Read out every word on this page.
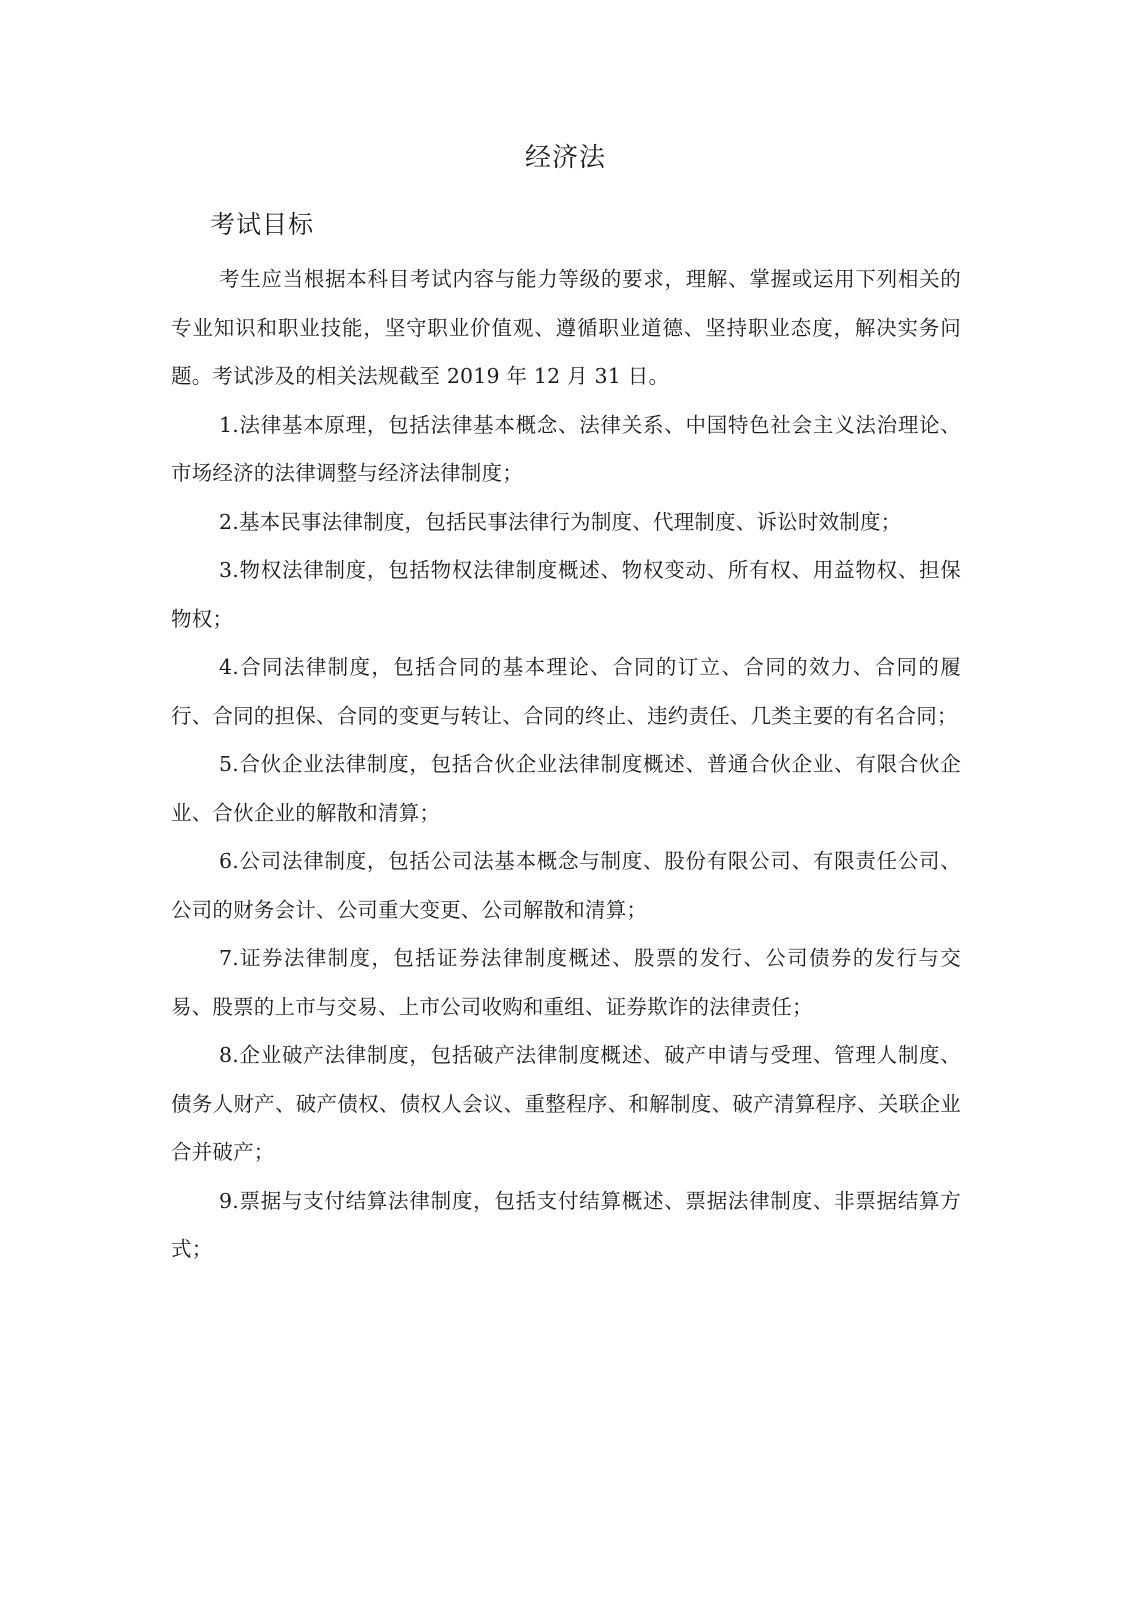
经济法
考试目标

考生应当根据本科目考试内容与能力等级的要求，理解、掌握或运用下列相关的专业知识和职业技能，坚守职业价值观、遵循职业道德、坚持职业态度，解决实务问题。考试涉及的相关法规截至 2019 年 12 月 31 日。

1.法律基本原理，包括法律基本概念、法律关系、中国特色社会主义法治理论、市场经济的法律调整与经济法律制度；

2.基本民事法律制度，包括民事法律行为制度、代理制度、诉讼时效制度；

3.物权法律制度，包括物权法律制度概述、物权变动、所有权、用益物权、担保物权；

4.合同法律制度，包括合同的基本理论、合同的订立、合同的效力、合同的履行、合同的担保、合同的变更与转让、合同的终止、违约责任、几类主要的有名合同；

5.合伙企业法律制度，包括合伙企业法律制度概述、普通合伙企业、有限合伙企业、合伙企业的解散和清算；

6.公司法律制度，包括公司法基本概念与制度、股份有限公司、有限责任公司、公司的财务会计、公司重大变更、公司解散和清算；

7.证券法律制度，包括证券法律制度概述、股票的发行、公司债券的发行与交易、股票的上市与交易、上市公司收购和重组、证券欺诈的法律责任；

8.企业破产法律制度，包括破产法律制度概述、破产申请与受理、管理人制度、债务人财产、破产债权、债权人会议、重整程序、和解制度、破产清算程序、关联企业合并破产；

9.票据与支付结算法律制度，包括支付结算概述、票据法律制度、非票据结算方式；
